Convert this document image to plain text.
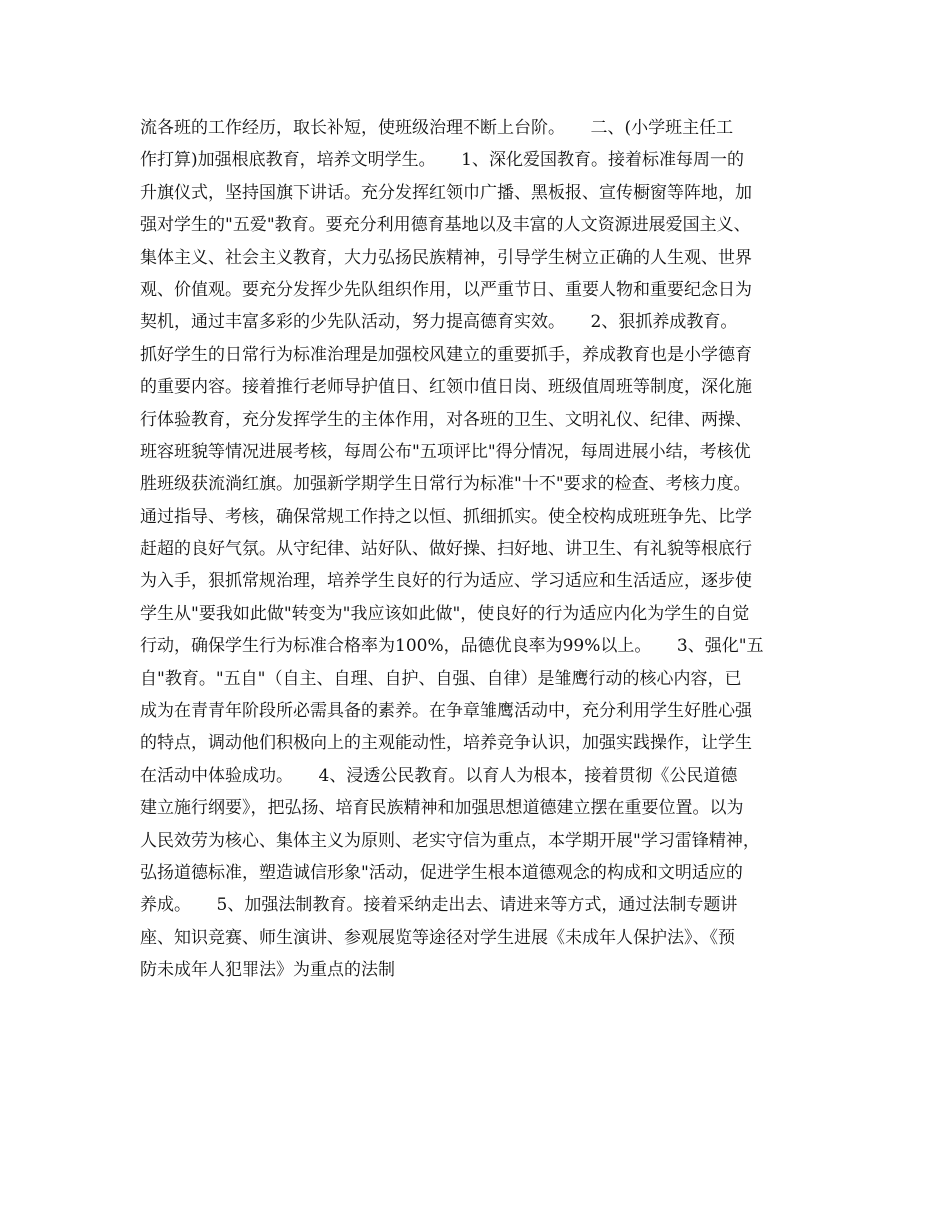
流各班的工作经历，取长补短，使班级治理不断上台阶。　　二、(小学班主任工
作打算)加强根底教育，培养文明学生。　　1、深化爱国教育。接着标准每周一的
升旗仪式，坚持国旗下讲话。充分发挥红领巾广播、黑板报、宣传橱窗等阵地，加
强对学生的"五爱"教育。要充分利用德育基地以及丰富的人文资源进展爱国主义、
集体主义、社会主义教育，大力弘扬民族精神，引导学生树立正确的人生观、世界
观、价值观。要充分发挥少先队组织作用，以严重节日、重要人物和重要纪念日为
契机，通过丰富多彩的少先队活动，努力提高德育实效。　　2、狠抓养成教育。
抓好学生的日常行为标准治理是加强校风建立的重要抓手，养成教育也是小学德育
的重要内容。接着推行老师导护值日、红领巾值日岗、班级值周班等制度，深化施
行体验教育，充分发挥学生的主体作用，对各班的卫生、文明礼仪、纪律、两操、
班容班貌等情况进展考核，每周公布"五项评比"得分情况，每周进展小结，考核优
胜班级获流淌红旗。加强新学期学生日常行为标准"十不"要求的检查、考核力度。
通过指导、考核，确保常规工作持之以恒、抓细抓实。使全校构成班班争先、比学
赶超的良好气氛。从守纪律、站好队、做好操、扫好地、讲卫生、有礼貌等根底行
为入手，狠抓常规治理，培养学生良好的行为适应、学习适应和生活适应，逐步使
学生从"要我如此做"转变为"我应该如此做"，使良好的行为适应内化为学生的自觉
行动，确保学生行为标准合格率为100%，品德优良率为99%以上。　　3、强化"五
自"教育。"五自"（自主、自理、自护、自强、自律）是雏鹰行动的核心内容，已
成为在青青年阶段所必需具备的素养。在争章雏鹰活动中，充分利用学生好胜心强
的特点，调动他们积极向上的主观能动性，培养竞争认识，加强实践操作，让学生
在活动中体验成功。　　4、浸透公民教育。以育人为根本，接着贯彻《公民道德
建立施行纲要》，把弘扬、培育民族精神和加强思想道德建立摆在重要位置。以为
人民效劳为核心、集体主义为原则、老实守信为重点，本学期开展"学习雷锋精神，
弘扬道德标准，塑造诚信形象"活动，促进学生根本道德观念的构成和文明适应的
养成。　　5、加强法制教育。接着采纳走出去、请进来等方式，通过法制专题讲
座、知识竞赛、师生演讲、参观展览等途径对学生进展《未成年人保护法》、《预
防未成年人犯罪法》为重点的法制
